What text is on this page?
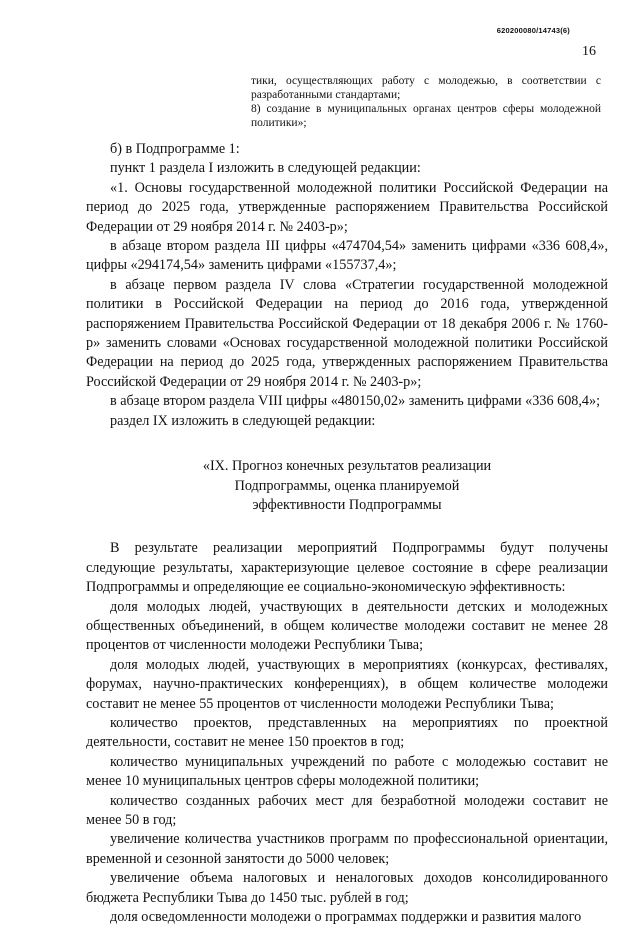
620200080/14743(6)
16

тики, осуществляющих работу с молодежью, в соответствии с разработанными стандартами;

8) создание в муниципальных органах центров сферы молодежной политики»;

б) в Подпрограмме 1:

пункт 1 раздела I изложить в следующей редакции:

«1. Основы государственной молодежной политики Российской Федерации на период до 2025 года, утвержденные распоряжением Правительства Российской Федерации от 29 ноября 2014 г. № 2403-р»;

в абзаце втором раздела III цифры «474704,54» заменить цифрами «336 608,4», цифры «294174,54» заменить цифрами «155737,4»;

в абзаце первом раздела IV слова «Стратегии государственной молодежной политики в Российской Федерации на период до 2016 года, утвержденной распоряжением Правительства Российской Федерации от 18 декабря 2006 г. № 1760-р» заменить словами «Основах государственной молодежной политики Российской Федерации на период до 2025 года, утвержденных распоряжением Правительства Российской Федерации от 29 ноября 2014 г. № 2403-р»;

в абзаце втором раздела VIII цифры «480150,02» заменить цифрами «336 608,4»;

раздел IX изложить в следующей редакции:

«IX. Прогноз конечных результатов реализации
Подпрограммы, оценка планируемой
эффективности Подпрограммы

В результате реализации мероприятий Подпрограммы будут получены следующие результаты, характеризующие целевое состояние в сфере реализации Подпрограммы и определяющие ее социально-экономическую эффективность:

доля молодых людей, участвующих в деятельности детских и молодежных общественных объединений, в общем количестве молодежи составит не менее 28 процентов от численности молодежи Республики Тыва;

доля молодых людей, участвующих в мероприятиях (конкурсах, фестивалях, форумах, научно-практических конференциях), в общем количестве молодежи составит не менее 55 процентов от численности молодежи Республики Тыва;

количество проектов, представленных на мероприятиях по проектной деятельности, составит не менее 150 проектов в год;

количество муниципальных учреждений по работе с молодежью составит не менее 10 муниципальных центров сферы молодежной политики;

количество созданных рабочих мест для безработной молодежи составит не менее 50 в год;

увеличение количества участников программ по профессиональной ориентации, временной и сезонной занятости до 5000 человек;

увеличение объема налоговых и неналоговых доходов консолидированного бюджета Республики Тыва до 1450 тыс. рублей в год;

доля осведомленности молодежи о программах поддержки и развития малого
